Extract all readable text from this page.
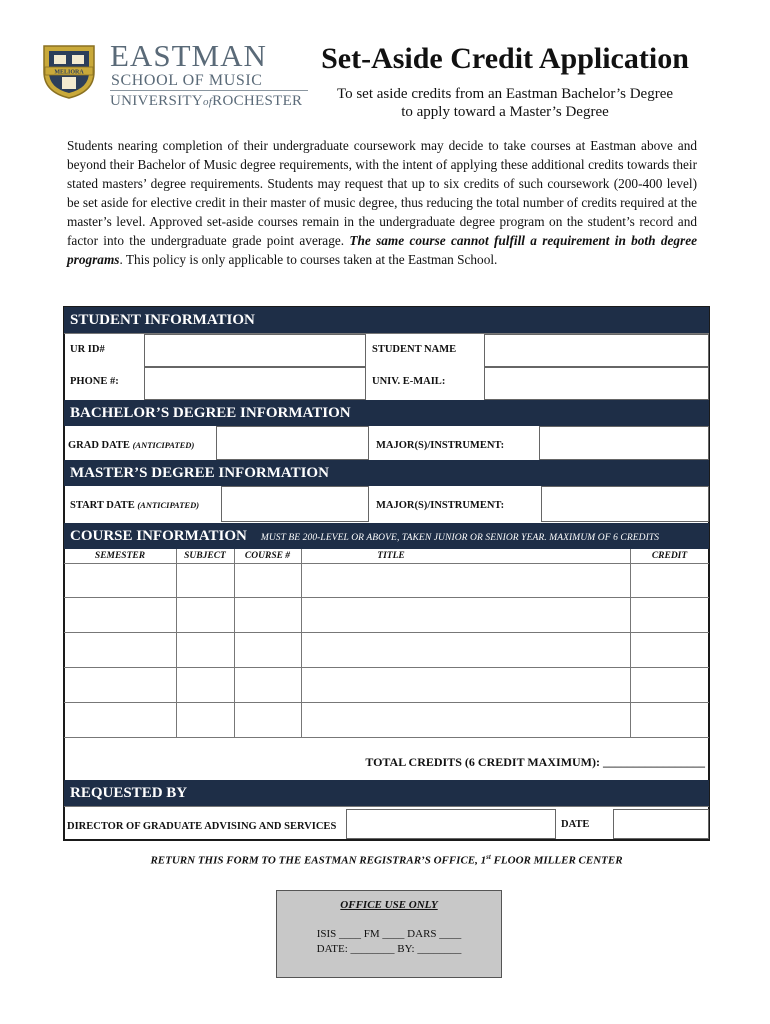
MELIORA EASTMAN
SCHOOL OF MUSIC
UNIVERSITYofROCHESTER
Set-Aside Credit Application
To set aside credits from an Eastman Bachelor’s Degree
to apply toward a Master’s Degree
Students nearing completion of their undergraduate coursework may decide to take courses at Eastman above and beyond their Bachelor of Music degree requirements, with the intent of applying these additional credits towards their stated masters’ degree requirements. Students may request that up to six credits of such coursework (200-400 level) be set aside for elective credit in their master of music degree, thus reducing the total number of credits required at the master’s level. Approved set-aside courses remain in the undergraduate degree program on the student’s record and factor into the undergraduate grade point average. The same course cannot fulfill a requirement in both degree programs. This policy is only applicable to courses taken at the Eastman School.
STUDENT INFORMATION
UR ID#	STUDENT NAME
PHONE #:	UNIV. E-MAIL:
BACHELOR’S DEGREE INFORMATION
GRAD DATE (ANTICIPATED)	MAJOR(S)/INSTRUMENT:
MASTER’S DEGREE INFORMATION
START DATE (ANTICIPATED)	MAJOR(S)/INSTRUMENT:
COURSE INFORMATION MUST BE 200-LEVEL OR ABOVE, TAKEN JUNIOR OR SENIOR YEAR. MAXIMUM OF 6 CREDITS
SEMESTER	SUBJECT	COURSE #	TITLE	CREDIT
TOTAL CREDITS (6 CREDIT MAXIMUM): _________________
REQUESTED BY
DIRECTOR OF GRADUATE ADVISING AND SERVICES	DATE
RETURN THIS FORM TO THE EASTMAN REGISTRAR’S OFFICE, 1st FLOOR MILLER CENTER
OFFICE USE ONLY
ISIS ____ FM ____ DARS ____
DATE: ________ BY: ________
